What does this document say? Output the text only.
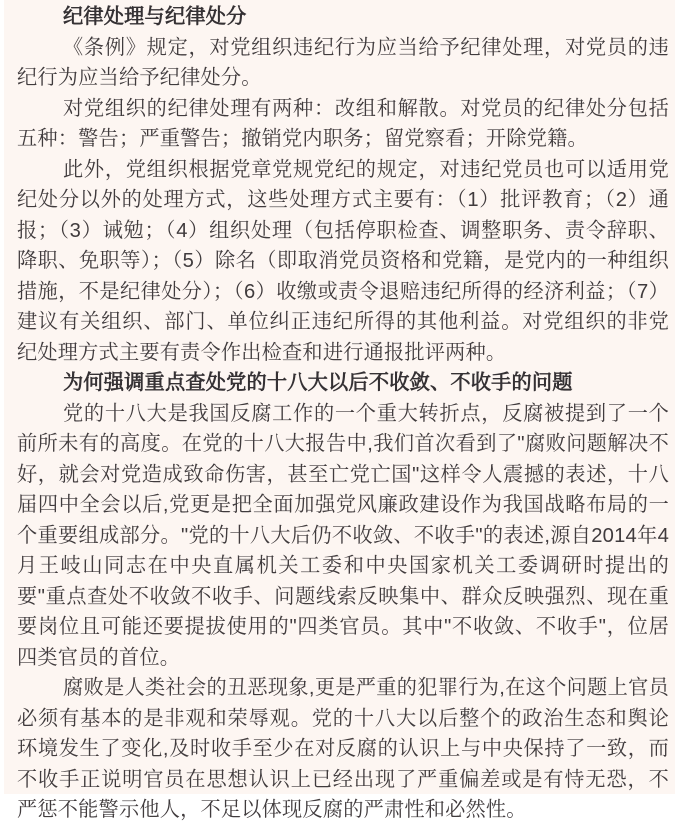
纪律处理与纪律处分

《条例》规定，对党组织违纪行为应当给予纪律处理，对党员的违纪行为应当给予纪律处分。

对党组织的纪律处理有两种：改组和解散。对党员的纪律处分包括五种：警告；严重警告；撤销党内职务；留党察看；开除党籍。

此外，党组织根据党章党规党纪的规定，对违纪党员也可以适用党纪处分以外的处理方式，这些处理方式主要有：（1）批评教育；（2）通报；（3）诫勉；（4）组织处理（包括停职检查、调整职务、责令辞职、降职、免职等）；（5）除名（即取消党员资格和党籍，是党内的一种组织措施，不是纪律处分）；（6）收缴或责令退赔违纪所得的经济利益；（7）建议有关组织、部门、单位纠正违纪所得的其他利益。对党组织的非党纪处理方式主要有责令作出检查和进行通报批评两种。

为何强调重点查处党的十八大以后不收敛、不收手的问题

党的十八大是我国反腐工作的一个重大转折点，反腐被提到了一个前所未有的高度。在党的十八大报告中,我们首次看到了"腐败问题解决不好，就会对党造成致命伤害，甚至亡党亡国"这样令人震撼的表述，十八届四中全会以后,党更是把全面加强党风廉政建设作为我国战略布局的一个重要组成部分。"党的十八大后仍不收敛、不收手"的表述,源自2014年4月王岐山同志在中央直属机关工委和中央国家机关工委调研时提出的要"重点查处不收敛不收手、问题线索反映集中、群众反映强烈、现在重要岗位且可能还要提拔使用的"四类官员。其中"不收敛、不收手"，位居四类官员的首位。

腐败是人类社会的丑恶现象,更是严重的犯罪行为,在这个问题上官员必须有基本的是非观和荣辱观。党的十八大以后整个的政治生态和舆论环境发生了变化,及时收手至少在对反腐的认识上与中央保持了一致，而不收手正说明官员在思想认识上已经出现了严重偏差或是有恃无恐，不严惩不能警示他人，不足以体现反腐的严肃性和必然性。
